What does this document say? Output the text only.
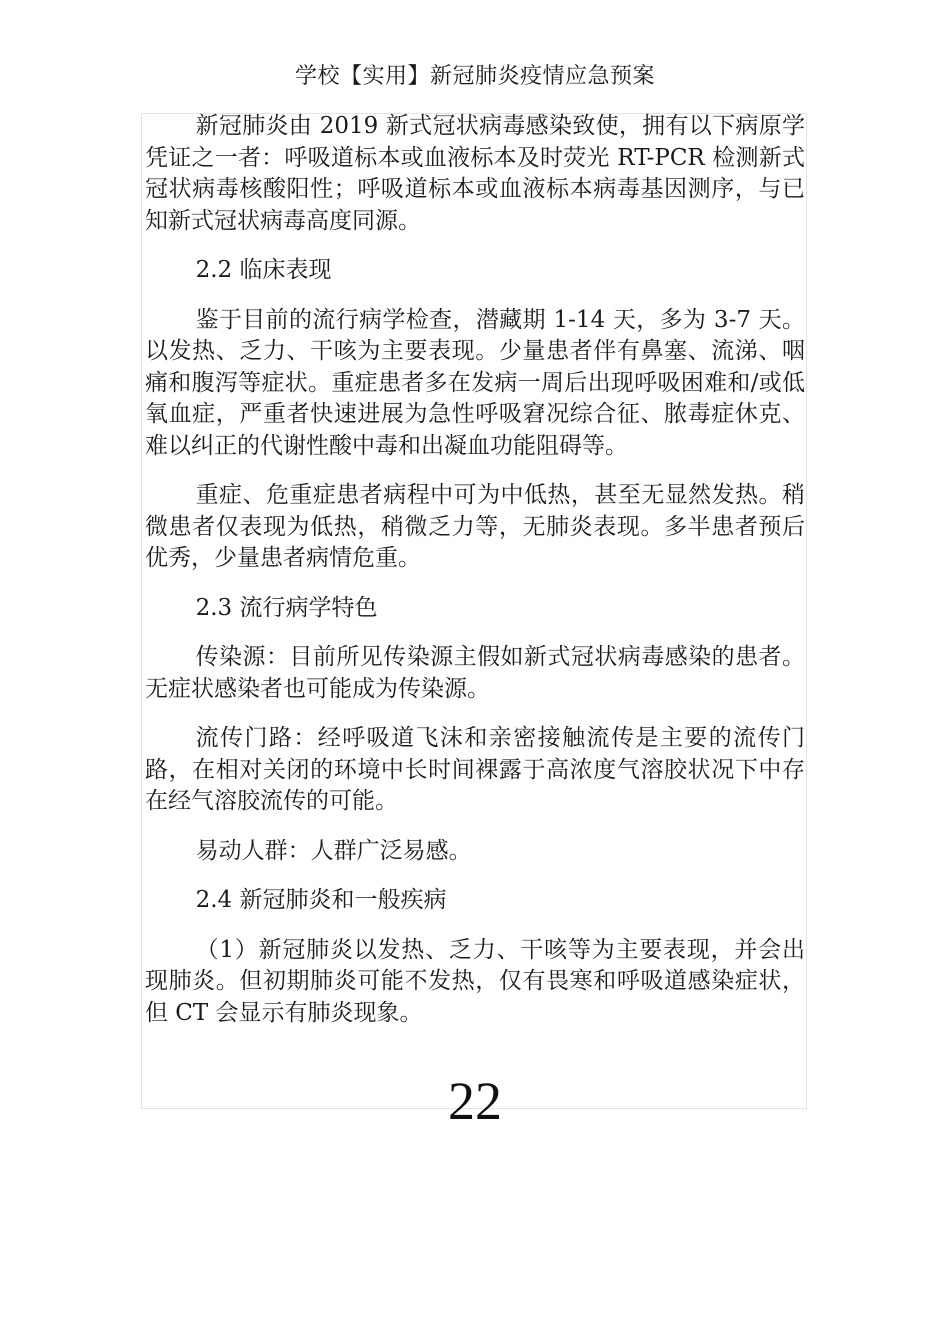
学校【实用】新冠肺炎疫情应急预案

新冠肺炎由 2019 新式冠状病毒感染致使，拥有以下病原学凭证之一者：呼吸道标本或血液标本及时荧光 RT-PCR 检测新式冠状病毒核酸阳性；呼吸道标本或血液标本病毒基因测序，与已知新式冠状病毒高度同源。

2.2 临床表现

鉴于目前的流行病学检查，潜藏期 1-14 天，多为 3-7 天。以发热、乏力、干咳为主要表现。少量患者伴有鼻塞、流涕、咽痛和腹泻等症状。重症患者多在发病一周后出现呼吸困难和/或低氧血症，严重者快速进展为急性呼吸窘况综合征、脓毒症休克、难以纠正的代谢性酸中毒和出凝血功能阻碍等。

重症、危重症患者病程中可为中低热，甚至无显然发热。稍微患者仅表现为低热，稍微乏力等，无肺炎表现。多半患者预后优秀，少量患者病情危重。

2.3 流行病学特色

传染源：目前所见传染源主假如新式冠状病毒感染的患者。无症状感染者也可能成为传染源。

流传门路：经呼吸道飞沫和亲密接触流传是主要的流传门路，在相对关闭的环境中长时间裸露于高浓度气溶胶状况下中存在经气溶胶流传的可能。

易动人群：人群广泛易感。

2.4 新冠肺炎和一般疾病

（1）新冠肺炎以发热、乏力、干咳等为主要表现，并会出现肺炎。但初期肺炎可能不发热，仅有畏寒和呼吸道感染症状，但 CT 会显示有肺炎现象。

22
